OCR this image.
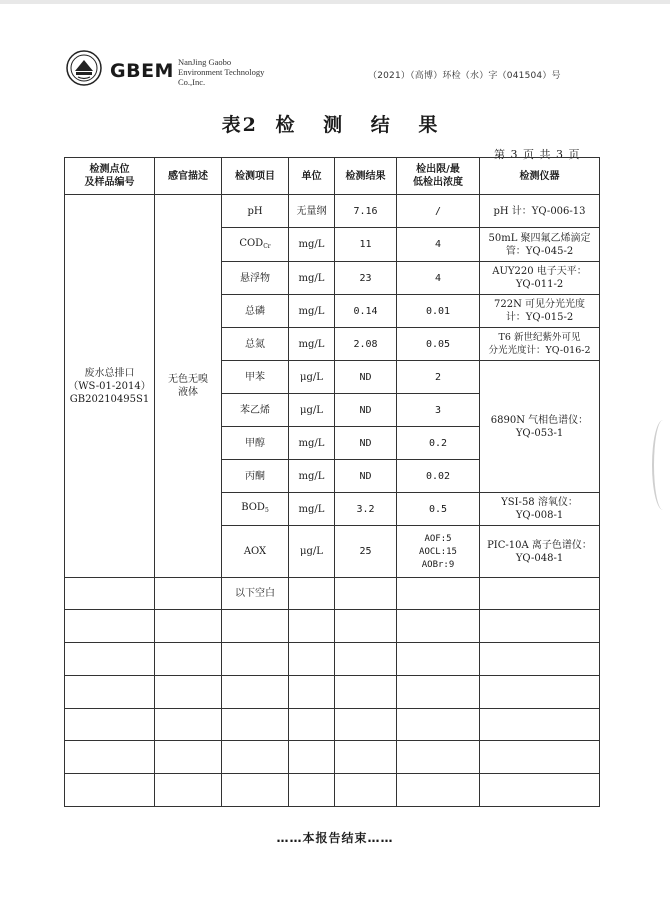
GBEM NanJing Gaobo
Environment Technology
Co.,Inc.
（2021）（高博）环检（水）字（041504）号
表2 检 测 结 果
第 3 页 共 3 页
检测点位
及样品编号	感官描述	检测项目	单位	检测结果	检出限/最
低检出浓度	检测仪器
废水总排口
（WS-01-2014）
GB20210495S1	无色无嗅
液体	pH	无量纲	7.16	/	pH 计：YQ-006-13
		$COD_{Cr}$	mg/L	11	4	50mL 聚四氟乙烯滴定
管：YQ-045-2
		悬浮物	mg/L	23	4	AUY220 电子天平：
YQ-011-2
		总磷	mg/L	0.14	0.01	722N 可见分光光度
计：YQ-015-2
		总氮	mg/L	2.08	0.05	T6 新世纪紫外可见
分光光度计：YQ-016-2
		甲苯	μg/L	ND	2	6890N 气相色谱仪：
YQ-053-1
		苯乙烯	μg/L	ND	3	
		甲醇	mg/L	ND	0.2	
		丙酮	mg/L	ND	0.02	
		$BOD_5$	mg/L	3.2	0.5	YSI-58 溶氧仪：
YQ-008-1
		AOX	μg/L	25	AOF:5
AOCL:15
AOBr:9	PIC-10A 离子色谱仪：
YQ-048-1
		以下空白				

……本报告结束……
